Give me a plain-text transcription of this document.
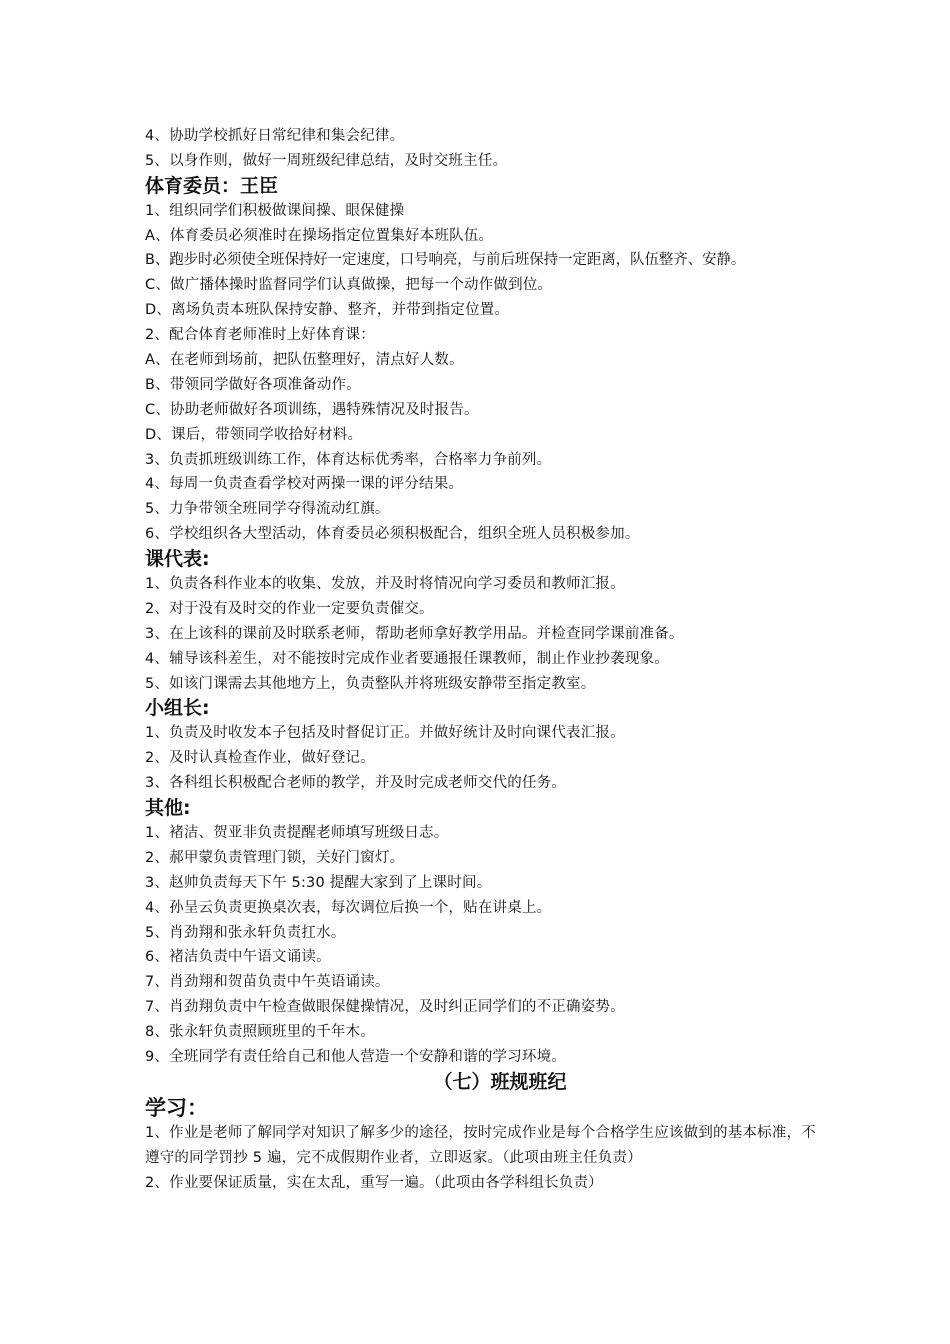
4、协助学校抓好日常纪律和集会纪律。
5、以身作则，做好一周班级纪律总结，及时交班主任。
体育委员：王臣
1、组织同学们积极做课间操、眼保健操
A、体育委员必须准时在操场指定位置集好本班队伍。
B、跑步时必须使全班保持好一定速度，口号响亮，与前后班保持一定距离，队伍整齐、安静。
C、做广播体操时监督同学们认真做操，把每一个动作做到位。
D、离场负责本班队保持安静、整齐，并带到指定位置。
2、配合体育老师准时上好体育课：
A、在老师到场前，把队伍整理好，清点好人数。
B、带领同学做好各项准备动作。
C、协助老师做好各项训练，遇特殊情况及时报告。
D、课后，带领同学收拾好材料。
3、负责抓班级训练工作，体育达标优秀率，合格率力争前列。
4、每周一负责查看学校对两操一课的评分结果。
5、力争带领全班同学夺得流动红旗。
6、学校组织各大型活动，体育委员必须积极配合，组织全班人员积极参加。
课代表:
1、负责各科作业本的收集、发放，并及时将情况向学习委员和教师汇报。
2、对于没有及时交的作业一定要负责催交。
3、在上该科的课前及时联系老师，帮助老师拿好教学用品。并检查同学课前准备。
4、辅导该科差生，对不能按时完成作业者要通报任课教师，制止作业抄袭现象。
5、如该门课需去其他地方上，负责整队并将班级安静带至指定教室。
小组长:
1、负责及时收发本子包括及时督促订正。并做好统计及时向课代表汇报。
2、及时认真检查作业，做好登记。
3、各科组长积极配合老师的教学，并及时完成老师交代的任务。
其他:
1、褚洁、贺亚非负责提醒老师填写班级日志。
2、郝甲蒙负责管理门锁，关好门窗灯。
3、赵帅负责每天下午 5:30 提醒大家到了上课时间。
4、孙呈云负责更换桌次表，每次调位后换一个，贴在讲桌上。
5、肖劲翔和张永轩负责扛水。
6、褚洁负责中午语文诵读。
7、肖劲翔和贺苗负责中午英语诵读。
7、肖劲翔负责中午检查做眼保健操情况，及时纠正同学们的不正确姿势。
8、张永轩负责照顾班里的千年木。
9、全班同学有责任给自己和他人营造一个安静和谐的学习环境。
（七）班规班纪
学习：
1、作业是老师了解同学对知识了解多少的途径，按时完成作业是每个合格学生应该做到的基本标准，不遵守的同学罚抄 5 遍，完不成假期作业者，立即返家。（此项由班主任负责）
2、作业要保证质量，实在太乱，重写一遍。（此项由各学科组长负责）
